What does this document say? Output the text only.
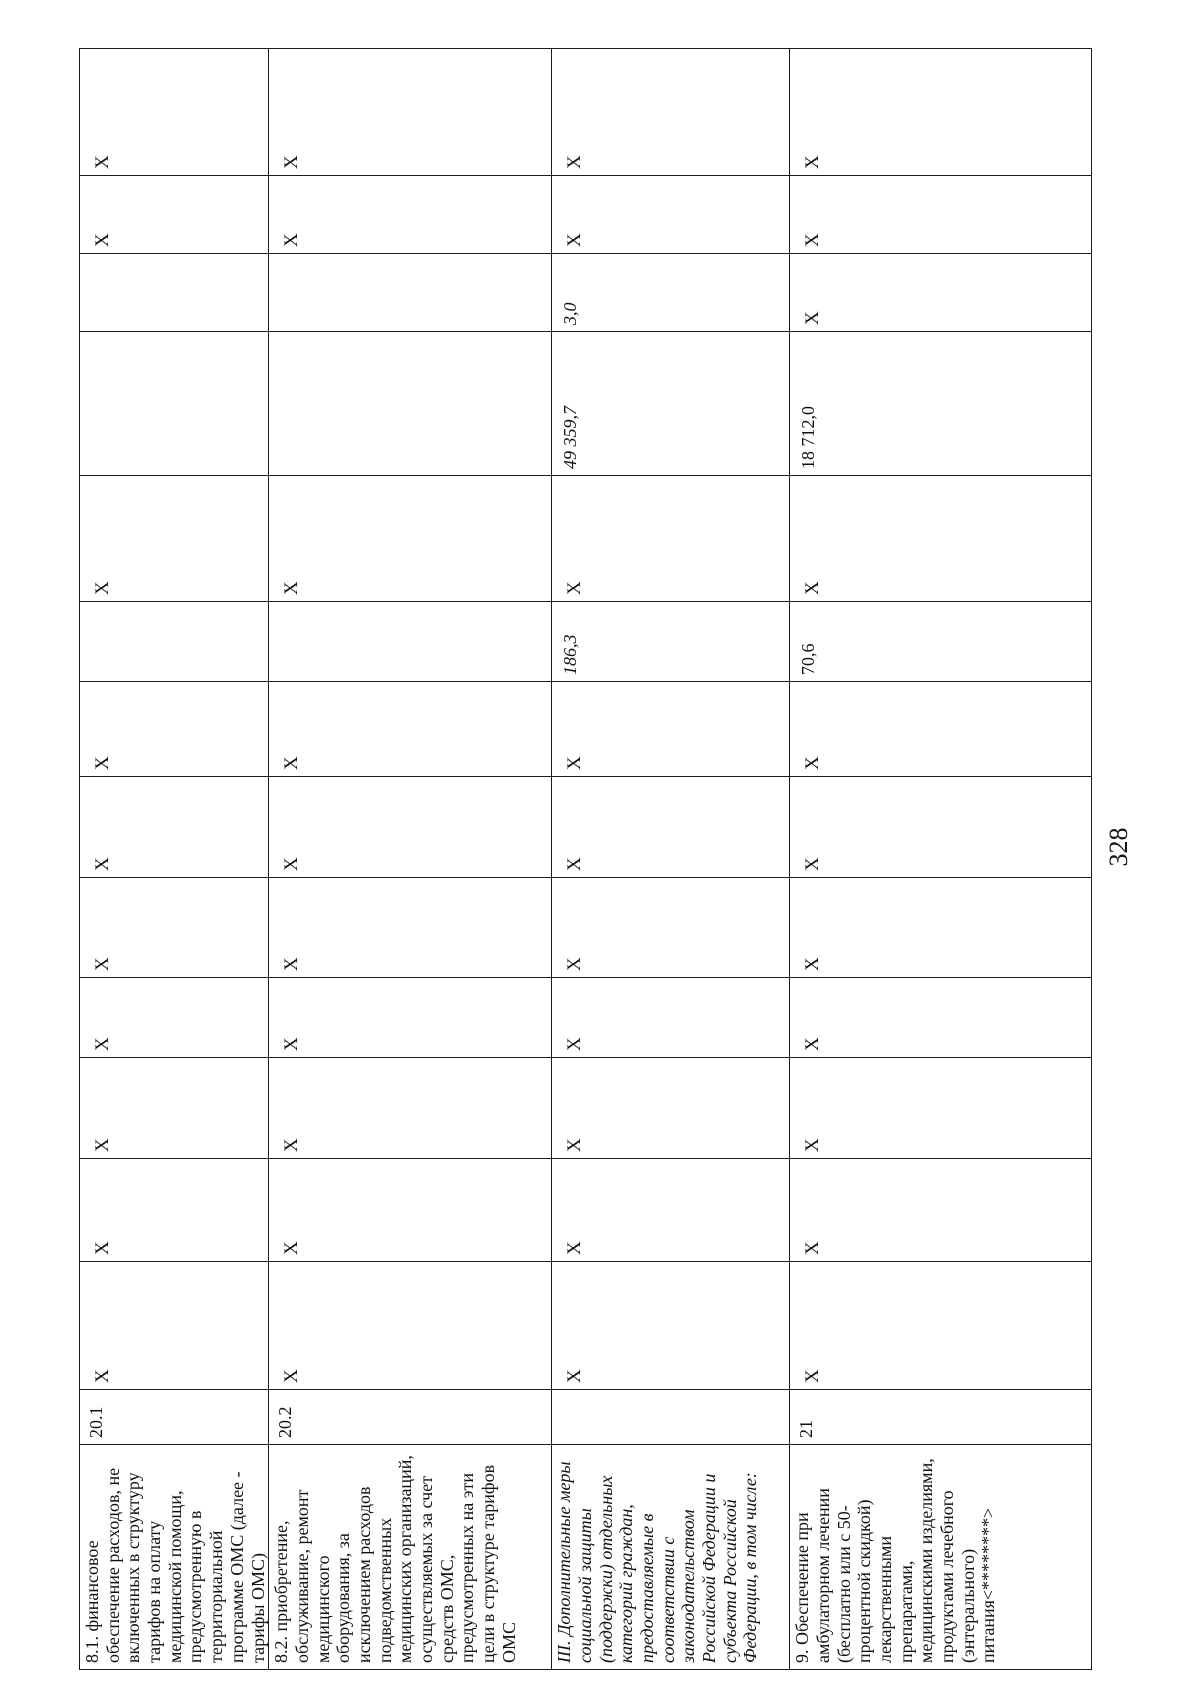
8.1. финансовое обеспечение расходов, не включенных в структуру тарифов на оплату медицинской помощи, предусмотренную в территориальной программе ОМС (далее - тарифы ОМС)	20.1	Х	Х	Х	Х	Х	Х	Х		Х			Х	Х
8.2. приобретение, обслуживание, ремонт медицинского оборудования, за исключением расходов подведомственных медицинских организаций, осуществляемых за счет средств ОМС, предусмотренных на эти цели в структуре тарифов ОМС	20.2	Х	Х	Х	Х	Х	Х	Х		Х			Х	Х
III. Дополнительные меры социальной защиты (поддержки) отдельных категорий граждан, предоставляемые в соответствии с законодательством Российской Федерации и субъекта Российской Федерации, в том числе:		Х	Х	Х	Х	Х	Х	Х	186,3	Х	49 359,7	3,0	Х	Х
9. Обеспечение при амбулаторном лечении (бесплатно или с 50-процентной скидкой) лекарственными препаратами, медицинскими изделиями, продуктами лечебного (энтерального) питания<********>	21	Х	Х	Х	Х	Х	Х	Х	70,6	Х	18 712,0	Х	Х	Х
328
